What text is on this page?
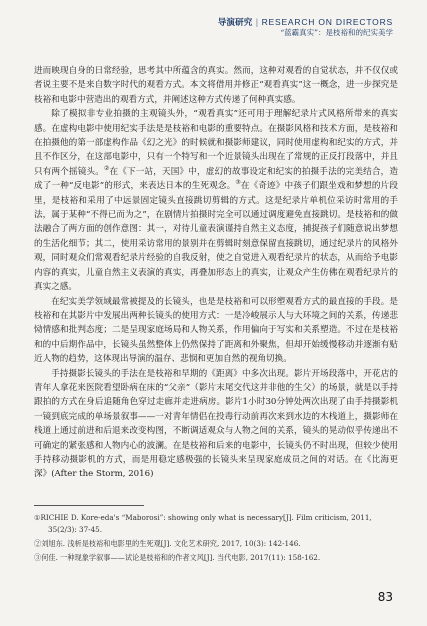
导演研究 | RESEARCH ON DIRECTORS
“蓝霸真实”：是枝裕和的纪实美学

进而映现自身的日常经验，思考其中所蕴含的真实。然而，这种对观看的自觉状态，并不仅仅或者说主要不是来自数字时代的观看方式。本文将借用并修正“观看真实”这一概念，进一步探究是枝裕和电影中营造出的观看方式，并阐述这种方式传递了何种真实感。

除了模拟非专业拍摄的主观镜头外，“观看真实”还可用于理解纪录片式风格所带来的真实感。在虚构电影中使用纪实手法是是枝裕和电影的重要特点。在摄影风格和技术方面，是枝裕和在拍摄他的第一部虚构作品《幻之光》的时候就和摄影师建议，同时使用虚构和纪实的方式，并且不作区分，在这部电影中，只有一个特写和一个近景镜头出现在了常规的正反打段落中，并且只有两个摇镜头。②在《下一站，天国》中，虚幻的故事设定和纪实的拍摄手法的完美结合，造成了一种“反电影”的形式，来表达日本的生死观念。③在《奇迹》中孩子们跟坐戏和梦想的片段里，是枝裕和采用了中远景固定镜头直接跳切剪辑的方式。这是纪录片单机位采访时常用的手法，属于某种“不得已而为之”，在剧情片拍摄时完全可以通过调度避免直接跳切。是枝裕和的做法融合了两方面的创作意图：其一，对待儿童表演谨持自然主义态度，捕捉孩子们随意说出梦想的生活化细节；其二，使用采访常用的景别并在剪辑时刻意保留直接跳切，通过纪录片的风格外观，同时观众们常观看纪录片经验的自我反射，使之自觉进入观看纪录片的状态，从而给予电影内容的真实，儿童自然主义表演的真实，再叠加形态上的真实，让观众产生仿佛在观看纪录片的真实之感。

在纪实美学领域最常被提及的长镜头，也是是枝裕和可以形塑观看方式的最直接的手段。是枝裕和在其影片中发展出两种长镜头的使用方式：一是冷峻展示人与大环境之间的关系，传递悲恸情感和批判态度；二是呈现家庭场局和人物关系，作用偏向于写实和关系塑造。不过在是枝裕和的中后期作品中，长镜头虽然整体上仍然保持了距离和外聚焦，但却开始缓慢移动并逐渐有贴近人物的趋势，这体现出导演的温存、悲悯和更加自然的视角切换。

手持摄影长镜头的手法在是枝裕和早期的《距离》中多次出现。影片开场段落中，开花店的青年人拿花来医院看望卧病在床的“父亲”（影片末尾交代这并非他的生父）的场景，就是以手持跟拍的方式在身后追随角色穿过走廊并走进病房。影片1小时30分钟处两次出现了由手持摄影机一镜到底完成的单场景叙事——一对青年情侣在投毒行动前再次来到水边的木栈道上，摄影师在栈道上通过前进和后退来改变构图，不断调适观众与人物之间的关系，镜头的晃动似乎传递出不可确定的紧张感和人物内心的波澜。在是枝裕和后来的电影中，长镜头仍不时出现，但较少使用手持移动摄影机的方式，而是用稳定感极强的长镜头来呈现家庭成员之间的对话。在《比海更深》(After the Storm, 2016)

①RICHIE D. Kore-eda's “Maborosi”: showing only what is necessary[J]. Film criticism, 2011, 35(2/3): 37-45.

②刘旭东. 浅析是枝裕和电影里的生死观[J]. 文化艺术研究, 2017, 10(3): 142-146.

③何佳. 一种现象学叙事——试论是枝裕和的作者文风[J]. 当代电影, 2017(11): 158-162.

83
